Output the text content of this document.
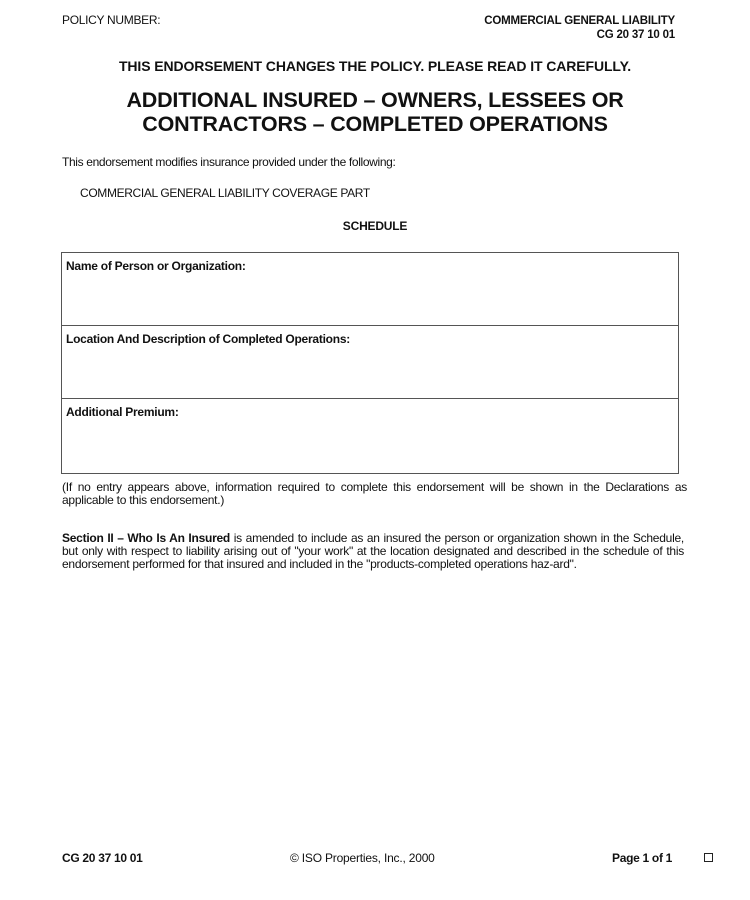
POLICY NUMBER:	COMMERCIAL GENERAL LIABILITY
CG 20 37 10 01
THIS ENDORSEMENT CHANGES THE POLICY. PLEASE READ IT CAREFULLY.
ADDITIONAL INSURED – OWNERS, LESSEES OR
CONTRACTORS – COMPLETED OPERATIONS
This endorsement modifies insurance provided under the following:
COMMERCIAL GENERAL LIABILITY COVERAGE PART
SCHEDULE
Name of Person or Organization:
Location And Description of Completed Operations:
Additional Premium:
(If no entry appears above, information required to complete this endorsement will be shown in the Declarations as applicable to this endorsement.)
Section II – Who Is An Insured is amended to include as an insured the person or organization shown in the Schedule, but only with respect to liability arising out of "your work" at the location designated and described in the schedule of this endorsement performed for that insured and included in the "products-completed operations haz-ard".
CG 20 37 10 01	© ISO Properties, Inc., 2000	Page 1 of 1
